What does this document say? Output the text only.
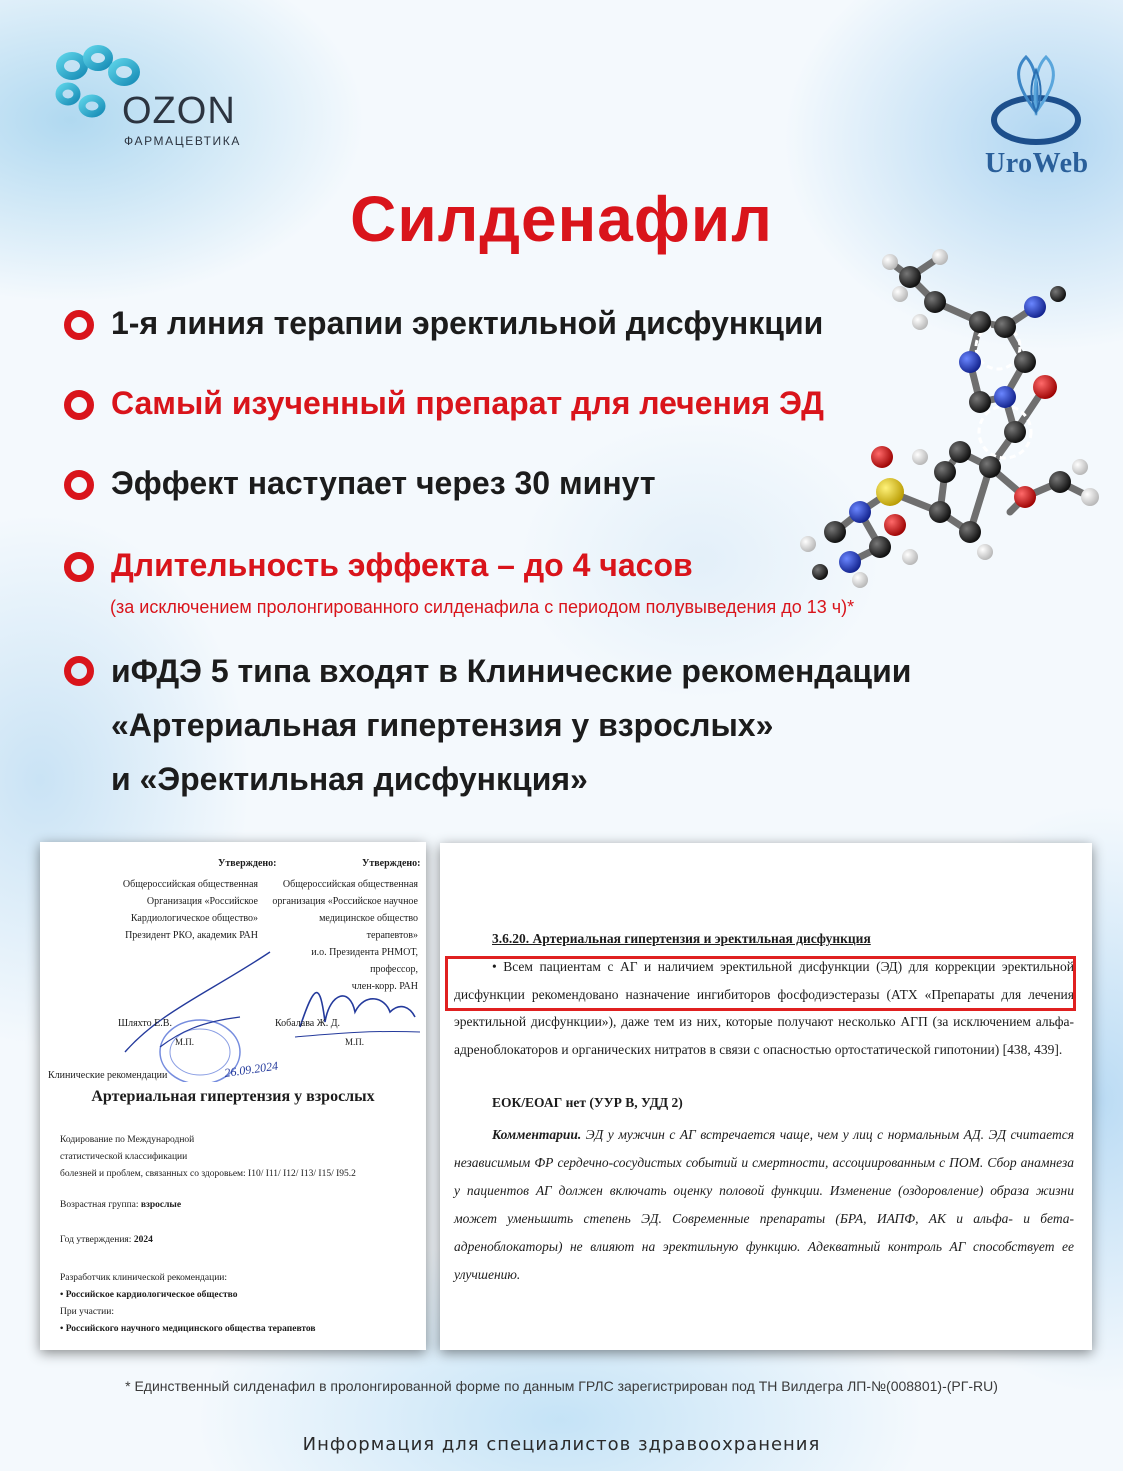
OZON
ФАРМАЦЕВТИКА
UroWeb
Силденафил
1-я линия терапии эректильной дисфункции
Самый изученный препарат для лечения ЭД
Эффект наступает через 30 минут
Длительность эффекта – до 4 часов
(за исключением пролонгированного силденафила с периодом полувыведения до 13 ч)*
иФДЭ 5 типа входят в Клинические рекомендации
«Артериальная гипертензия у взрослых»
и «Эректильная дисфункция»
Утверждено:
Общероссийская общественная
Организация «Российское
Кардиологическое общество»
Президент РКО, академик РАН
Утверждено:
Общероссийская общественная
организация «Российское научное
медицинское общество терапевтов»
и.о. Президента РНМОТ,
профессор,
член-корр. РАН
26.09.2024
Шляхто Е.В.	Кобалава Ж. Д.
М.П.	М.П.
Клинические рекомендации
Артериальная гипертензия у взрослых
Кодирование по Международной
статистической классификации
болезней и проблем, связанных со здоровьем: I10/ I11/ I12/ I13/ I15/ I95.2
Возрастная группа: взрослые
Год утверждения: 2024
Разработчик клинической рекомендации:
• Российское кардиологическое общество
При участии:
• Российского научного медицинского общества терапевтов
3.6.20. Артериальная гипертензия и эректильная дисфункция
• Всем пациентам с АГ и наличием эректильной дисфункции (ЭД) для коррекции эректильной дисфункции рекомендовано назначение ингибиторов фосфодиэстеразы (АТХ «Препараты для лечения эректильной дисфункции»), даже тем из них, которые получают несколько АГП (за исключением альфа-адреноблокаторов и органических нитратов в связи с опасностью ортостатической гипотонии) [438, 439].
ЕОК/ЕОАГ нет (УУР В, УДД 2)
Комментарии. ЭД у мужчин с АГ встречается чаще, чем у лиц с нормальным АД. ЭД считается независимым ФР сердечно-сосудистых событий и смертности, ассоциированным с ПОМ. Сбор анамнеза у пациентов АГ должен включать оценку половой функции. Изменение (оздоровление) образа жизни может уменьшить степень ЭД. Современные препараты (БРА, ИАПФ, АК и альфа- и бета-адреноблокаторы) не влияют на эректильную функцию. Адекватный контроль АГ способствует ее улучшению.
* Единственный силденафил в пролонгированной форме по данным ГРЛС зарегистрирован под ТН Вилдегра ЛП-№(008801)-(РГ-RU)
Информация для специалистов здравоохранения
